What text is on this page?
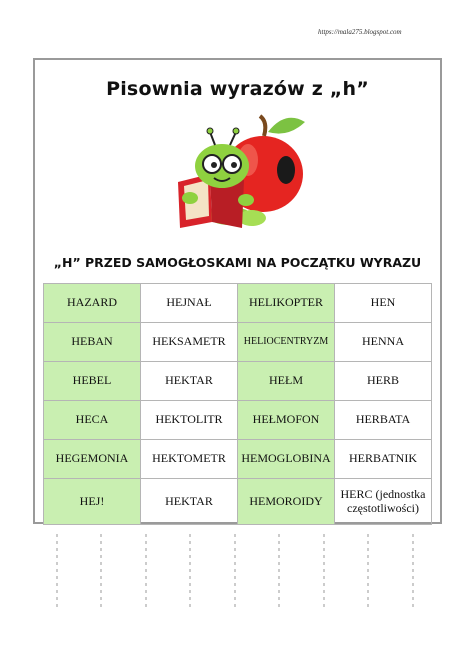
https://mala275.blogspot.com
Pisownia wyrazów z „h”
„H” PRZED SAMOGŁOSKAMI NA POCZĄTKU WYRAZU
HAZARD	HEJNAŁ	HELIKOPTER	HEN
HEBAN	HEKSAMETR	HELIOCENTRYZM	HENNA
HEBEL	HEKTAR	HEŁM	HERB
HECA	HEKTOLITR	HEŁMOFON	HERBATA
HEGEMONIA	HEKTOMETR	HEMOGLOBINA	HERBATNIK
HEJ!	HEKTAR	HEMOROIDY	HERC (jednostka częstotliwości)
